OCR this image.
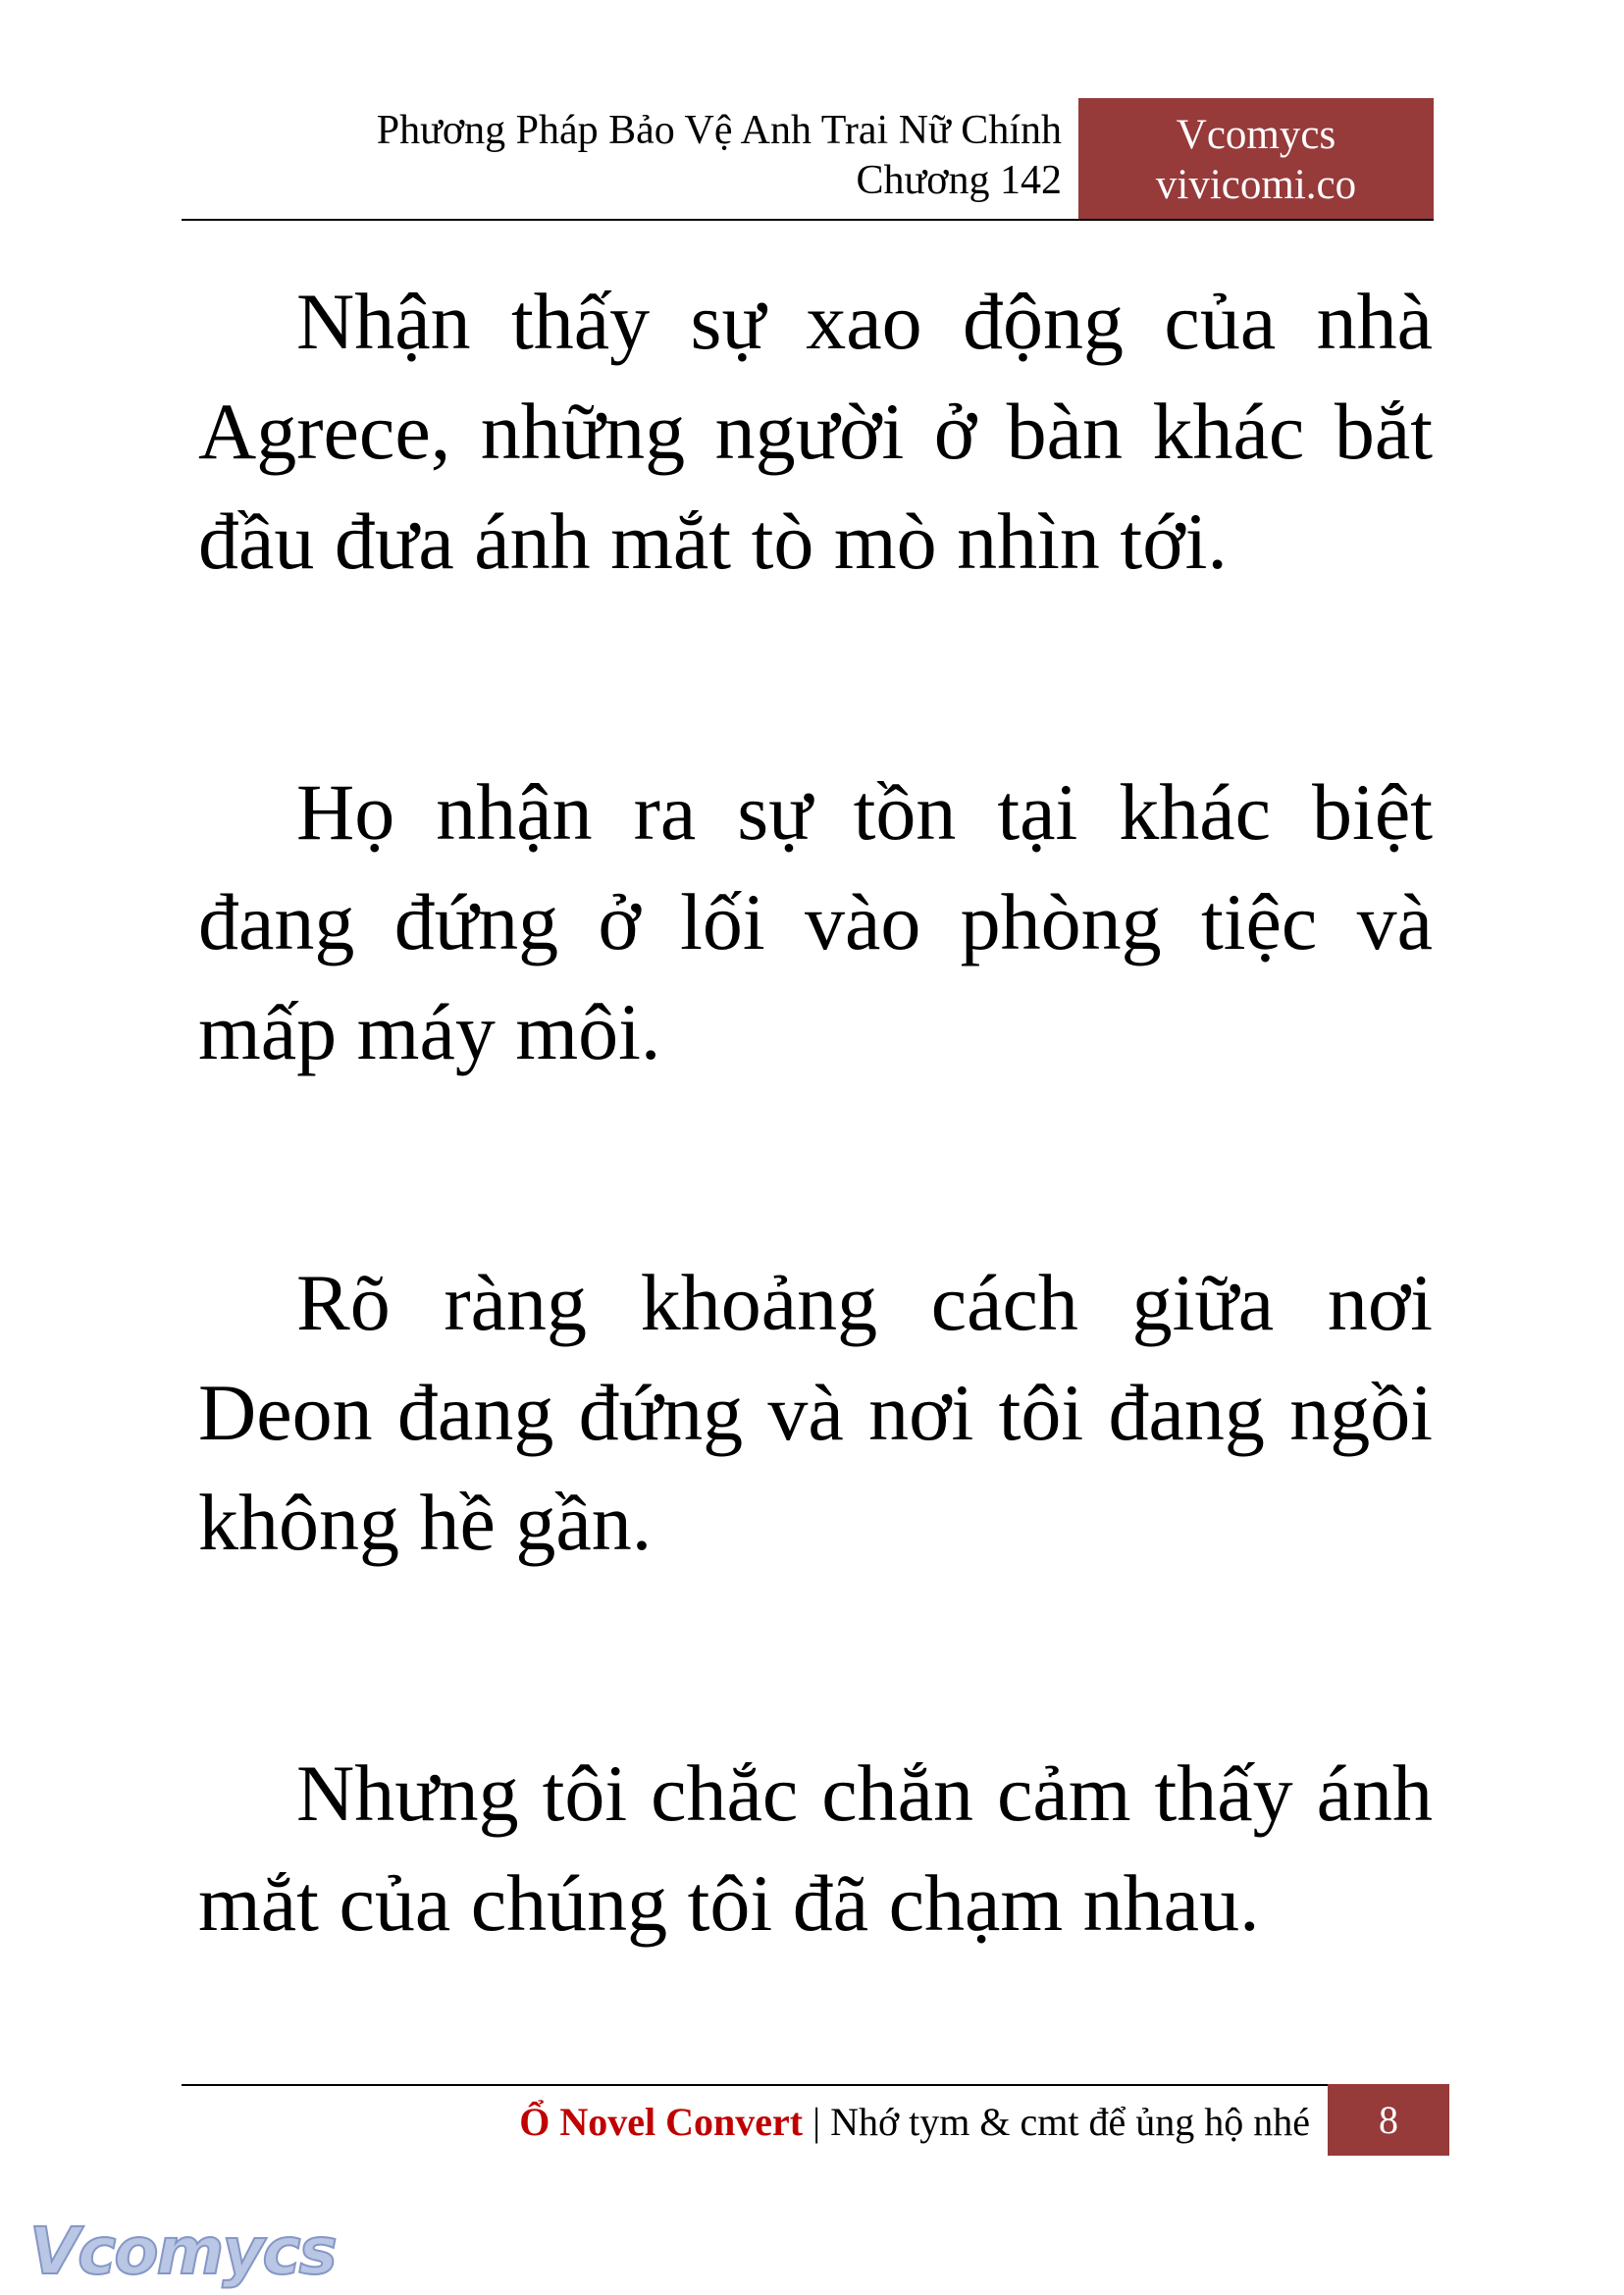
Phương Pháp Bảo Vệ Anh Trai Nữ Chính
Chương 142
Vcomycs
vivicomi.co

Nhận thấy sự xao động của nhà Agrece, những người ở bàn khác bắt đầu đưa ánh mắt tò mò nhìn tới.

Họ nhận ra sự tồn tại khác biệt đang đứng ở lối vào phòng tiệc và mấp máy môi.

Rõ ràng khoảng cách giữa nơi Deon đang đứng và nơi tôi đang ngồi không hề gần.

Nhưng tôi chắc chắn cảm thấy ánh mắt của chúng tôi đã chạm nhau.

Ổ Novel Convert | Nhớ tym & cmt để ủng hộ nhé	8
Vcomycs
